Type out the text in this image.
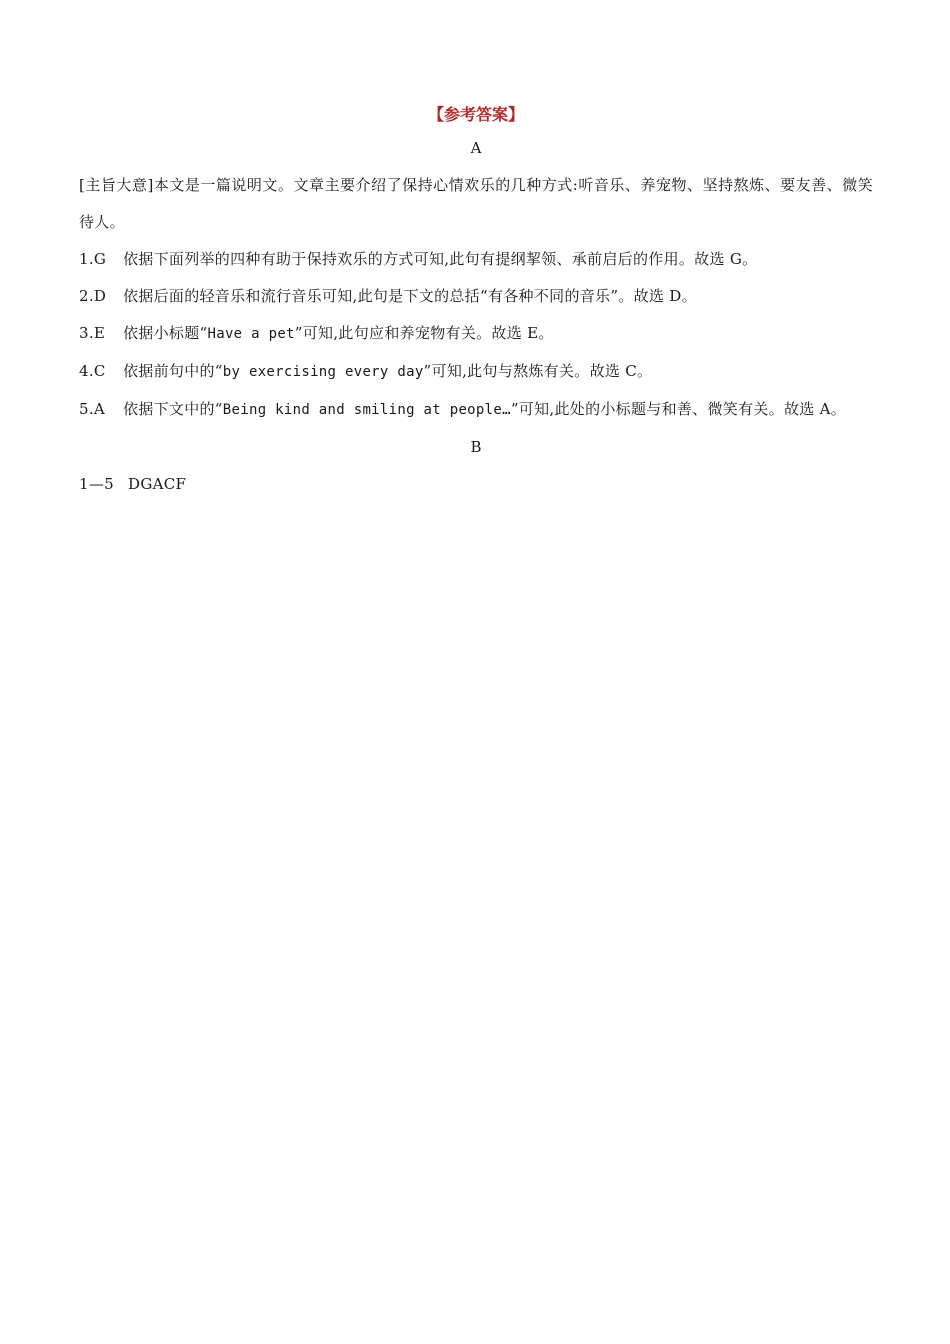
【参考答案】

A

[主旨大意]本文是一篇说明文。文章主要介绍了保持心情欢乐的几种方式:听音乐、养宠物、坚持熬炼、要友善、微笑待人。

1.G 依据下面列举的四种有助于保持欢乐的方式可知,此句有提纲挈领、承前启后的作用。故选 G。

2.D 依据后面的轻音乐和流行音乐可知,此句是下文的总括“有各种不同的音乐”。故选 D。

3.E 依据小标题“Have a pet”可知,此句应和养宠物有关。故选 E。

4.C 依据前句中的“by exercising every day”可知,此句与熬炼有关。故选 C。

5.A 依据下文中的“Being kind and smiling at people…”可知,此处的小标题与和善、微笑有关。故选 A。

B

1—5 DGACF
